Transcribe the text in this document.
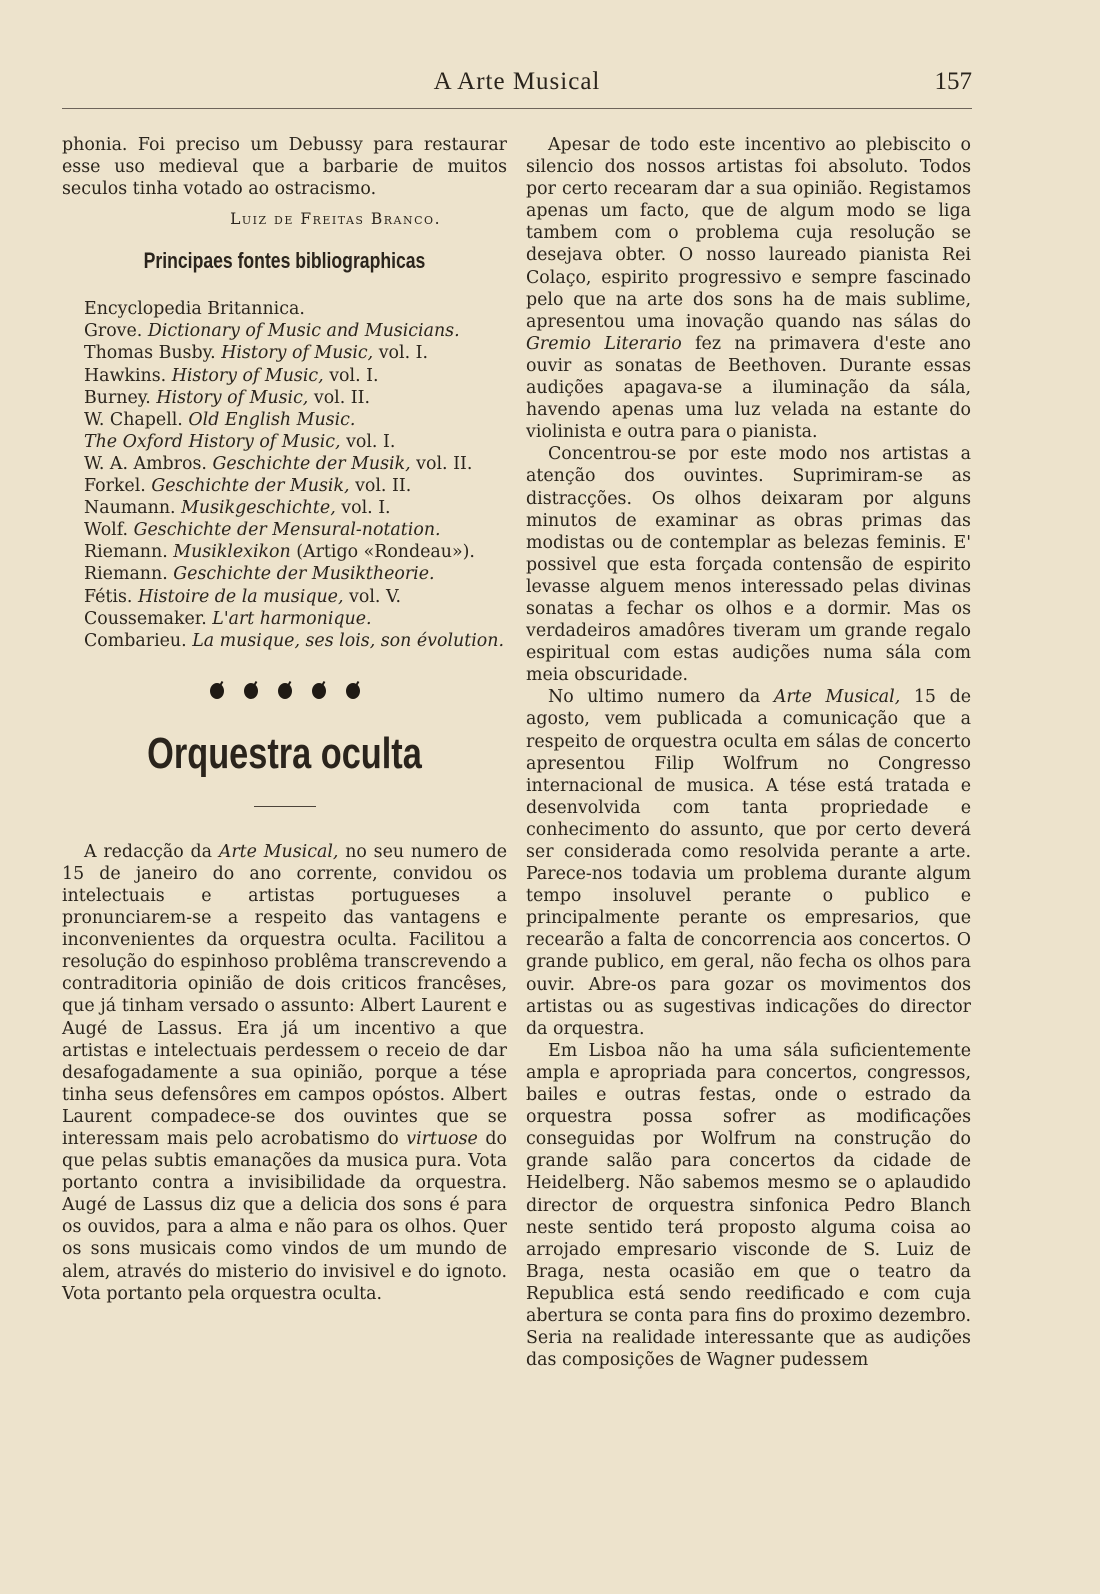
A Arte Musical	157

phonia. Foi preciso um Debussy para restaurar esse uso medieval que a barbarie de muitos seculos tinha votado ao ostracismo.

Luiz de Freitas Branco.
Principaes fontes bibliographicas
Encyclopedia Britannica.
Grove. Dictionary of Music and Musicians.
Thomas Busby. History of Music, vol. I.
Hawkins. History of Music, vol. I.
Burney. History of Music, vol. II.
W. Chapell. Old English Music.
The Oxford History of Music, vol. I.
W. A. Ambros. Geschichte der Musik, vol. II.
Forkel. Geschichte der Musik, vol. II.
Naumann. Musikgeschichte, vol. I.
Wolf. Geschichte der Mensural-notation.
Riemann. Musiklexikon (Artigo «Rondeau»).
Riemann. Geschichte der Musiktheorie.
Fétis. Histoire de la musique, vol. V.
Coussemaker. L'art harmonique.
Combarieu. La musique, ses lois, son évolution.
Orquestra oculta

A redacção da Arte Musical, no seu numero de 15 de janeiro do ano corrente, convidou os intelectuais e artistas portugueses a pronunciarem-se a respeito das vantagens e inconvenientes da orquestra oculta. Facilitou a resolução do espinhoso problêma transcrevendo a contraditoria opinião de dois criticos francêses, que já tinham versado o assunto: Albert Laurent e Augé de Lassus. Era já um incentivo a que artistas e intelectuais perdessem o receio de dar desafogadamente a sua opinião, porque a tése tinha seus defensôres em campos opóstos. Albert Laurent compadece-se dos ouvintes que se interessam mais pelo acrobatismo do virtuose do que pelas subtis emanações da musica pura. Vota portanto contra a invisibilidade da orquestra. Augé de Lassus diz que a delicia dos sons é para os ouvidos, para a alma e não para os olhos. Quer os sons musicais como vindos de um mundo de alem, através do misterio do invisivel e do ignoto. Vota portanto pela orquestra oculta.

Apesar de todo este incentivo ao plebiscito o silencio dos nossos artistas foi absoluto. Todos por certo recearam dar a sua opinião. Registamos apenas um facto, que de algum modo se liga tambem com o problema cuja resolução se desejava obter. O nosso laureado pianista Rei Colaço, espirito progressivo e sempre fascinado pelo que na arte dos sons ha de mais sublime, apresentou uma inovação quando nas sálas do Gremio Literario fez na primavera d'este ano ouvir as sonatas de Beethoven. Durante essas audições apagava-se a iluminação da sála, havendo apenas uma luz velada na estante do violinista e outra para o pianista.

Concentrou-se por este modo nos artistas a atenção dos ouvintes. Suprimiram-se as distracções. Os olhos deixaram por alguns minutos de examinar as obras primas das modistas ou de contemplar as belezas feminis. E' possivel que esta forçada contensão de espirito levasse alguem menos interessado pelas divinas sonatas a fechar os olhos e a dormir. Mas os verdadeiros amadôres tiveram um grande regalo espiritual com estas audições numa sála com meia obscuridade.

No ultimo numero da Arte Musical, 15 de agosto, vem publicada a comunicação que a respeito de orquestra oculta em sálas de concerto apresentou Filip Wolfrum no Congresso internacional de musica. A tése está tratada e desenvolvida com tanta propriedade e conhecimento do assunto, que por certo deverá ser considerada como resolvida perante a arte. Parece-nos todavia um problema durante algum tempo insoluvel perante o publico e principalmente perante os empresarios, que recearão a falta de concorrencia aos concertos. O grande publico, em geral, não fecha os olhos para ouvir. Abre-os para gozar os movimentos dos artistas ou as sugestivas indicações do director da orquestra.

Em Lisboa não ha uma sála suficientemente ampla e apropriada para concertos, congressos, bailes e outras festas, onde o estrado da orquestra possa sofrer as modificações conseguidas por Wolfrum na construção do grande salão para concertos da cidade de Heidelberg. Não sabemos mesmo se o aplaudido director de orquestra sinfonica Pedro Blanch neste sentido terá proposto alguma coisa ao arrojado empresario visconde de S. Luiz de Braga, nesta ocasião em que o teatro da Republica está sendo reedificado e com cuja abertura se conta para fins do proximo dezembro. Seria na realidade interessante que as audições das composições de Wagner pudessem
